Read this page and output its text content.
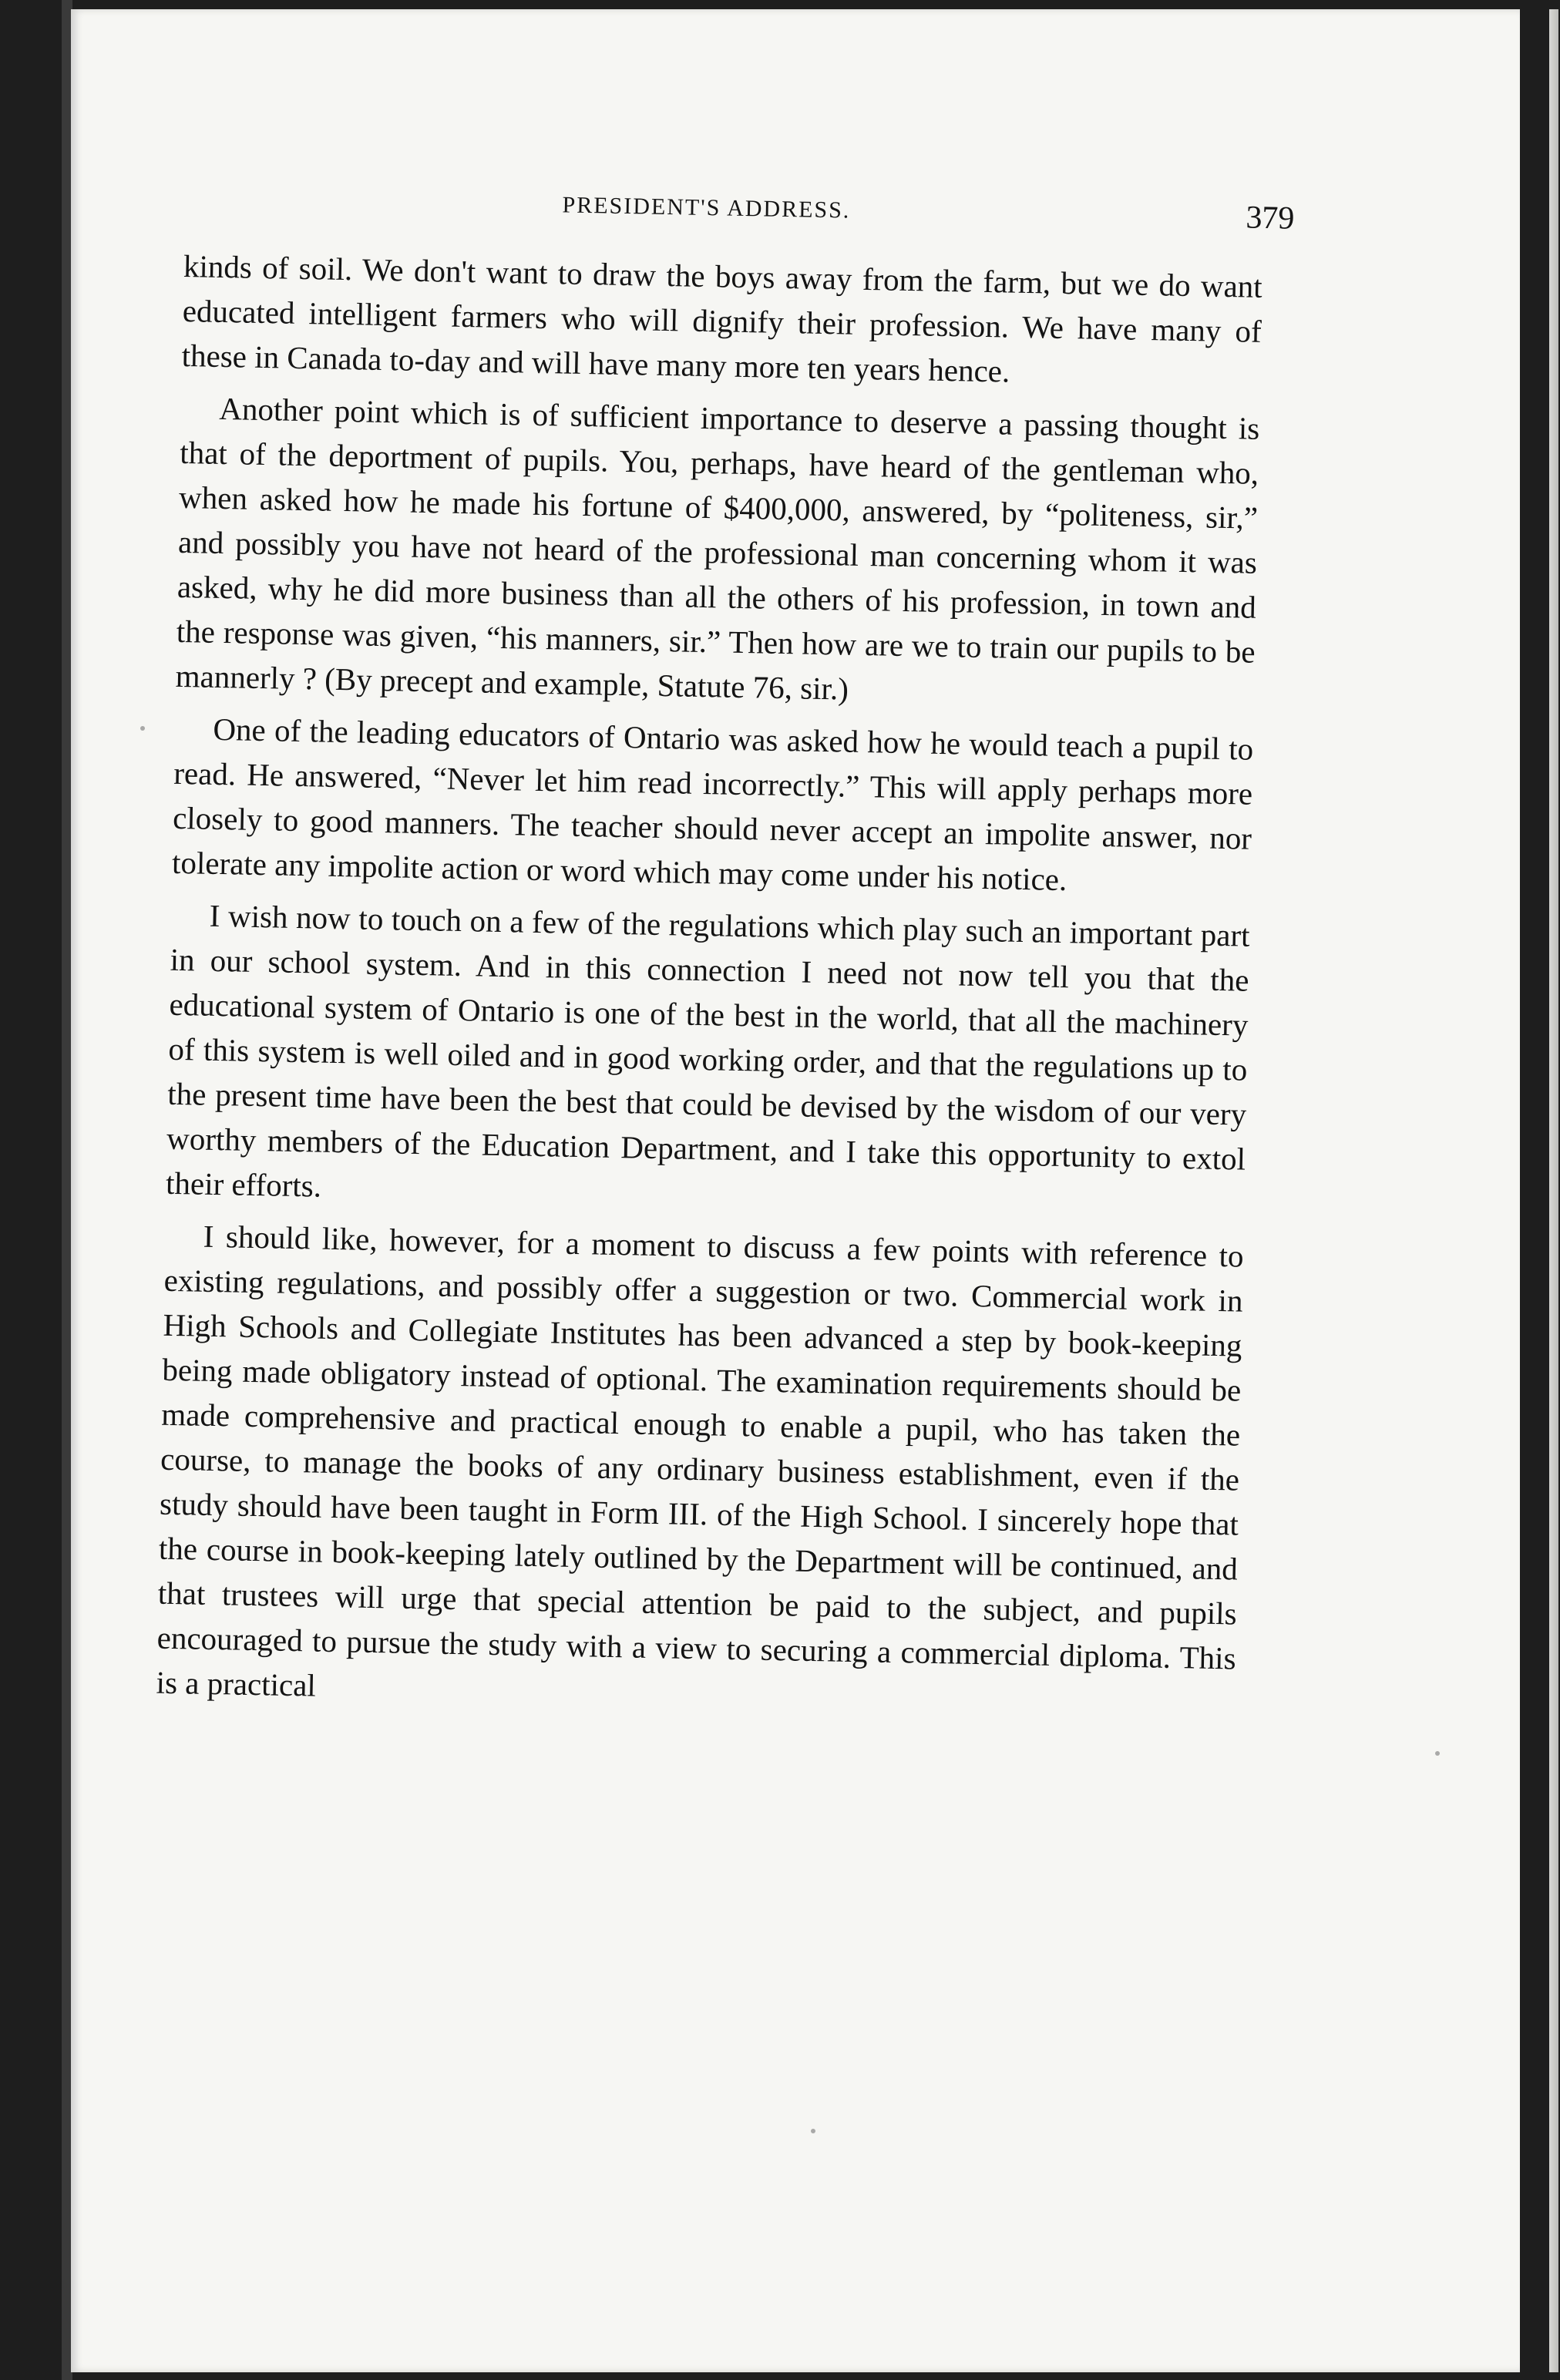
PRESIDENT'S ADDRESS.	379

kinds of soil. We don't want to draw the boys away from the farm, but we do want educated intelligent farmers who will dignify their profession. We have many of these in Canada to-day and will have many more ten years hence.

Another point which is of sufficient importance to deserve a passing thought is that of the deportment of pupils. You, perhaps, have heard of the gentleman who, when asked how he made his fortune of $400,000, answered, by “politeness, sir,” and possibly you have not heard of the professional man concerning whom it was asked, why he did more business than all the others of his profession, in town and the response was given, “his manners, sir.” Then how are we to train our pupils to be mannerly ? (By precept and example, Statute 76, sir.)

One of the leading educators of Ontario was asked how he would teach a pupil to read. He answered, “Never let him read incorrectly.” This will apply perhaps more closely to good manners. The teacher should never accept an impolite answer, nor tolerate any impolite action or word which may come under his notice.

I wish now to touch on a few of the regulations which play such an important part in our school system. And in this connection I need not now tell you that the educational system of Ontario is one of the best in the world, that all the machinery of this system is well oiled and in good working order, and that the regulations up to the present time have been the best that could be devised by the wisdom of our very worthy members of the Education Department, and I take this opportunity to extol their efforts.

I should like, however, for a moment to discuss a few points with reference to existing regulations, and possibly offer a suggestion or two. Commercial work in High Schools and Collegiate Institutes has been advanced a step by book-keeping being made obligatory instead of optional. The examination requirements should be made comprehensive and practical enough to enable a pupil, who has taken the course, to manage the books of any ordinary business establishment, even if the study should have been taught in Form III. of the High School. I sincerely hope that the course in book-keeping lately outlined by the Department will be continued, and that trustees will urge that special attention be paid to the subject, and pupils encouraged to pursue the study with a view to securing a commercial diploma. This is a practical
